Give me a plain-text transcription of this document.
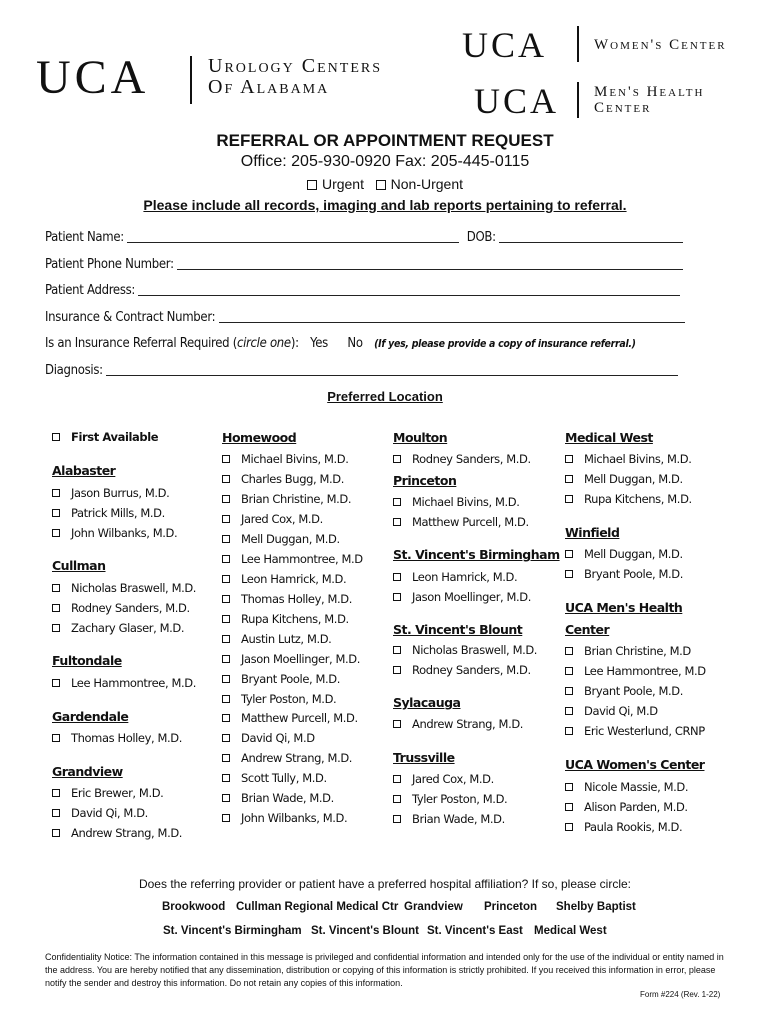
UCA	Urology Centers
Of Alabama
UCA	Women's Center
UCA Men's Health
Center
REFERRAL OR APPOINTMENT REQUEST
Office: 205-930-0920 Fax: 205-445-0115
Urgent Non-Urgent
Please include all records, imaging and lab reports pertaining to referral.
Patient Name:	DOB:
Patient Phone Number:
Patient Address:
Insurance & Contract Number:
Is an Insurance Referral Required (circle one): Yes No (If yes, please provide a copy of insurance referral.)
Diagnosis:
Preferred Location
First Available
Alabaster
Jason Burrus, M.D.
Patrick Mills, M.D.
John Wilbanks, M.D.
Cullman
Nicholas Braswell, M.D.
Rodney Sanders, M.D.
Zachary Glaser, M.D.
Fultondale
Lee Hammontree, M.D.
Gardendale
Thomas Holley, M.D.
Grandview
Eric Brewer, M.D.
David Qi, M.D.
Andrew Strang, M.D.
Homewood
Michael Bivins, M.D.
Charles Bugg, M.D.
Brian Christine, M.D.
Jared Cox, M.D.
Mell Duggan, M.D.
Lee Hammontree, M.D
Leon Hamrick, M.D.
Thomas Holley, M.D.
Rupa Kitchens, M.D.
Austin Lutz, M.D.
Jason Moellinger, M.D.
Bryant Poole, M.D.
Tyler Poston, M.D.
Matthew Purcell, M.D.
David Qi, M.D
Andrew Strang, M.D.
Scott Tully, M.D.
Brian Wade, M.D.
John Wilbanks, M.D.
Moulton
Rodney Sanders, M.D.
Princeton
Michael Bivins, M.D.
Matthew Purcell, M.D.
St. Vincent's Birmingham
Leon Hamrick, M.D.
Jason Moellinger, M.D.
St. Vincent's Blount
Nicholas Braswell, M.D.
Rodney Sanders, M.D.
Sylacauga
Andrew Strang, M.D.
Trussville
Jared Cox, M.D.
Tyler Poston, M.D.
Brian Wade, M.D.
Medical West
Michael Bivins, M.D.
Mell Duggan, M.D.
Rupa Kitchens, M.D.
Winfield
Mell Duggan, M.D.
Bryant Poole, M.D.
UCA Men's Health
Center
Brian Christine, M.D
Lee Hammontree, M.D
Bryant Poole, M.D.
David Qi, M.D
Eric Westerlund, CRNP
UCA Women's Center
Nicole Massie, M.D.
Alison Parden, M.D.
Paula Rookis, M.D.
Does the referring provider or patient have a preferred hospital affiliation? If so, please circle:
Brookwood Cullman Regional Medical Ctr Grandview Princeton Shelby Baptist
St. Vincent's Birmingham St. Vincent's Blount St. Vincent's East Medical West
Confidentiality Notice: The information contained in this message is privileged and confidential information and intended only for the use of the individual or entity named in the address. You are hereby notified that any dissemination, distribution or copying of this information is strictly prohibited. If you received this information in error, please notify the sender and destroy this information. Do not retain any copies of this information.
Form #224 (Rev. 1-22)
